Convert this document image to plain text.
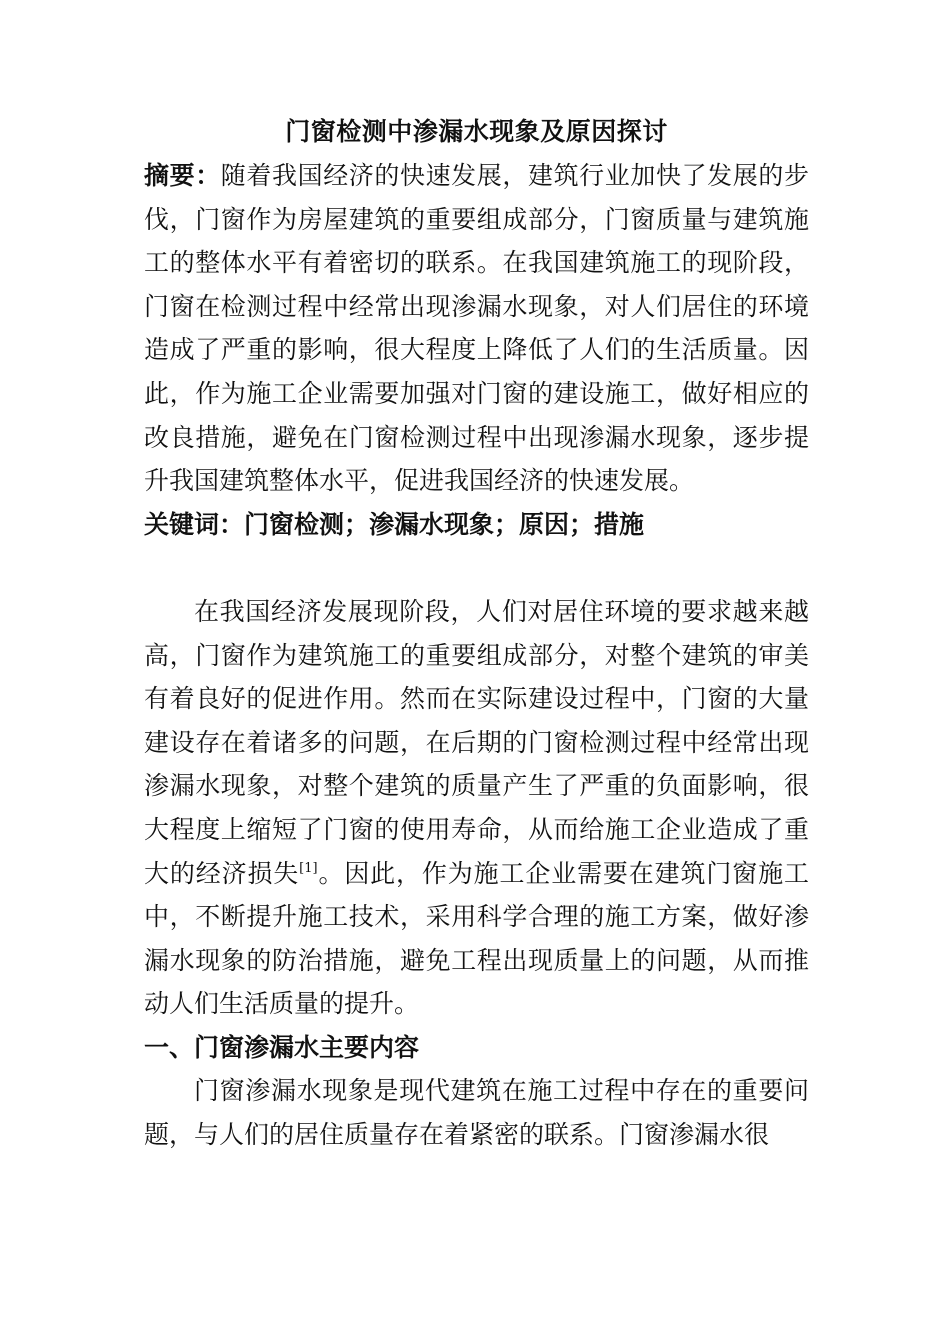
门窗检测中渗漏水现象及原因探讨

摘要：随着我国经济的快速发展，建筑行业加快了发展的步伐，门窗作为房屋建筑的重要组成部分，门窗质量与建筑施工的整体水平有着密切的联系。在我国建筑施工的现阶段，门窗在检测过程中经常出现渗漏水现象，对人们居住的环境造成了严重的影响，很大程度上降低了人们的生活质量。因此，作为施工企业需要加强对门窗的建设施工，做好相应的改良措施，避免在门窗检测过程中出现渗漏水现象，逐步提升我国建筑整体水平，促进我国经济的快速发展。

关键词：门窗检测；渗漏水现象；原因；措施

在我国经济发展现阶段，人们对居住环境的要求越来越高，门窗作为建筑施工的重要组成部分，对整个建筑的审美有着良好的促进作用。然而在实际建设过程中，门窗的大量建设存在着诸多的问题，在后期的门窗检测过程中经常出现渗漏水现象，对整个建筑的质量产生了严重的负面影响，很大程度上缩短了门窗的使用寿命，从而给施工企业造成了重大的经济损失[1]。因此，作为施工企业需要在建筑门窗施工中，不断提升施工技术，采用科学合理的施工方案，做好渗漏水现象的防治措施，避免工程出现质量上的问题，从而推动人们生活质量的提升。

一、门窗渗漏水主要内容

门窗渗漏水现象是现代建筑在施工过程中存在的重要问题，与人们的居住质量存在着紧密的联系。门窗渗漏水很
